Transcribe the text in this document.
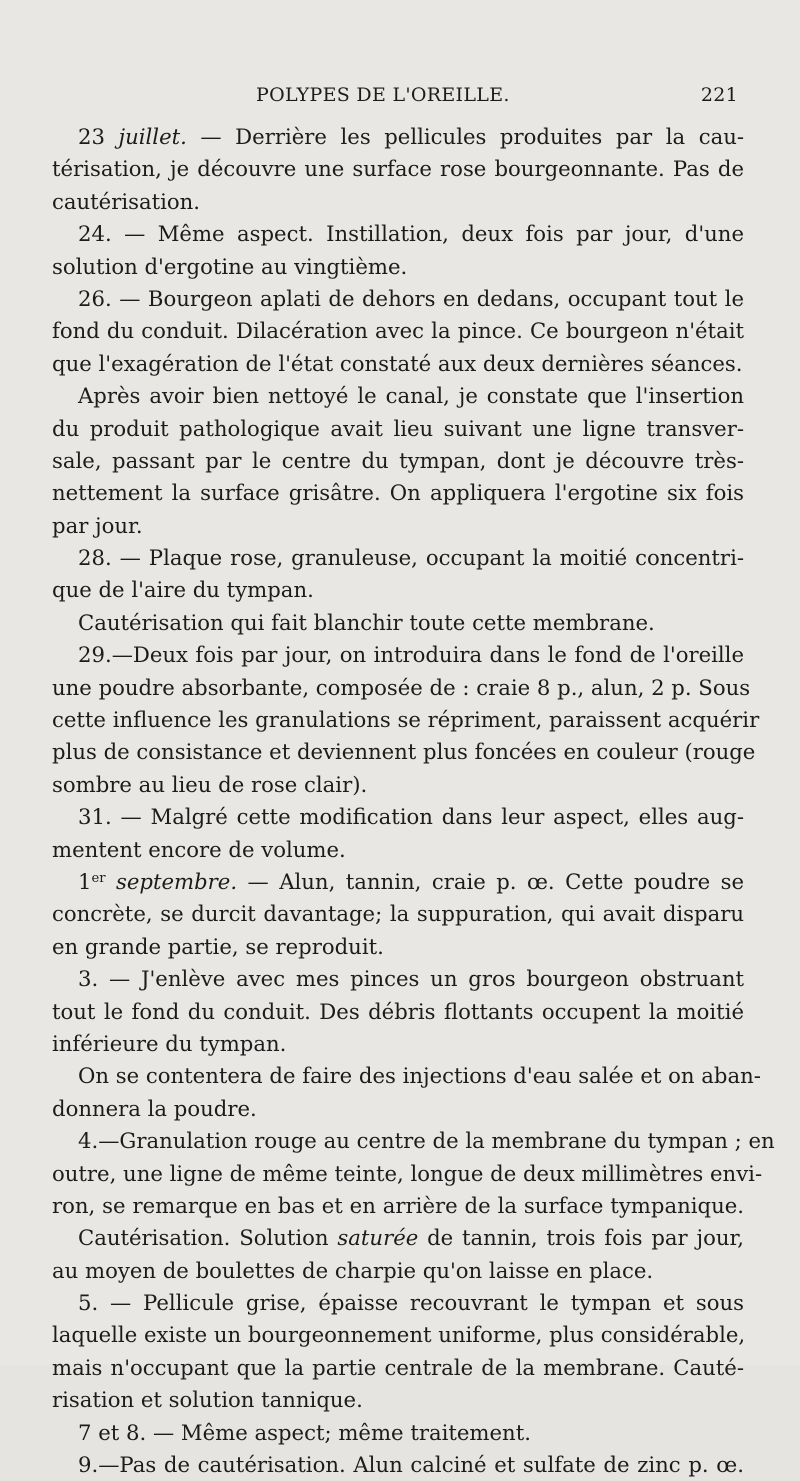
POLYPES DE L'OREILLE.	221
23 juillet. — Derrière les pellicules produites par la cau-
térisation, je découvre une surface rose bourgeonnante. Pas de
cautérisation.
24. — Même aspect. Instillation, deux fois par jour, d'une
solution d'ergotine au vingtième.
26. — Bourgeon aplati de dehors en dedans, occupant tout le
fond du conduit. Dilacération avec la pince. Ce bourgeon n'était
que l'exagération de l'état constaté aux deux dernières séances.
Après avoir bien nettoyé le canal, je constate que l'insertion
du produit pathologique avait lieu suivant une ligne transver-
sale, passant par le centre du tympan, dont je découvre très-
nettement la surface grisâtre. On appliquera l'ergotine six fois
par jour.
28. — Plaque rose, granuleuse, occupant la moitié concentri-
que de l'aire du tympan.
Cautérisation qui fait blanchir toute cette membrane.
29.—Deux fois par jour, on introduira dans le fond de l'oreille
une poudre absorbante, composée de : craie 8 p., alun, 2 p. Sous
cette influence les granulations se répriment, paraissent acquérir
plus de consistance et deviennent plus foncées en couleur (rouge
sombre au lieu de rose clair).
31. — Malgré cette modification dans leur aspect, elles aug-
mentent encore de volume.
1er septembre. — Alun, tannin, craie p. œ. Cette poudre se
concrète, se durcit davantage; la suppuration, qui avait disparu
en grande partie, se reproduit.
3. — J'enlève avec mes pinces un gros bourgeon obstruant
tout le fond du conduit. Des débris flottants occupent la moitié
inférieure du tympan.
On se contentera de faire des injections d'eau salée et on aban-
donnera la poudre.
4.—Granulation rouge au centre de la membrane du tympan ; en
outre, une ligne de même teinte, longue de deux millimètres envi-
ron, se remarque en bas et en arrière de la surface tympanique.
Cautérisation. Solution saturée de tannin, trois fois par jour,
au moyen de boulettes de charpie qu'on laisse en place.
5. — Pellicule grise, épaisse recouvrant le tympan et sous
laquelle existe un bourgeonnement uniforme, plus considérable,
mais n'occupant que la partie centrale de la membrane. Cauté-
risation et solution tannique.
7 et 8. — Même aspect; même traitement.
9.—Pas de cautérisation. Alun calciné et sulfate de zinc p. œ.
